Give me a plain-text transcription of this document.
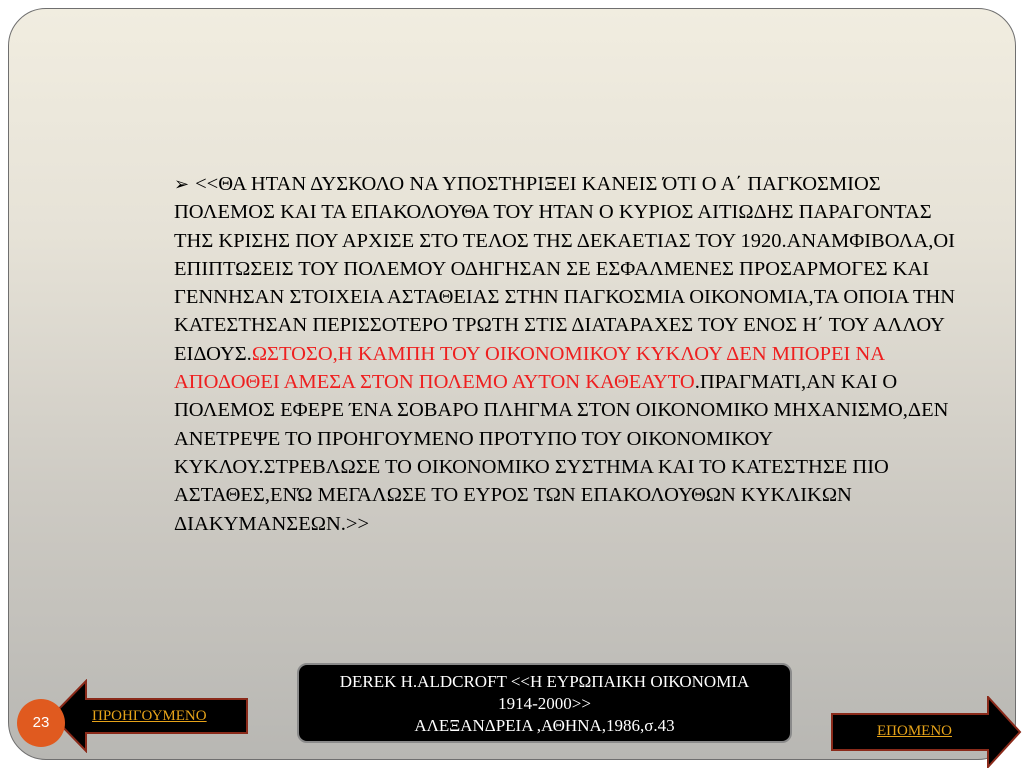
➢ <<ΘΑ ΗΤΑΝ ΔΥΣΚΟΛΟ ΝΑ ΥΠΟΣΤΗΡΙΞΕΙ ΚΑΝΕΙΣ ΌΤΙ Ο Α΄ ΠΑΓΚΟΣΜΙΟΣ ΠΟΛΕΜΟΣ ΚΑΙ ΤΑ ΕΠΑΚΟΛΟΥΘΑ ΤΟΥ ΗΤΑΝ Ο ΚΥΡΙΟΣ ΑΙΤΙΩΔΗΣ ΠΑΡΑΓΟΝΤΑΣ ΤΗΣ ΚΡΙΣΗΣ ΠΟΥ ΑΡΧΙΣΕ ΣΤΟ ΤΕΛΟΣ ΤΗΣ ΔΕΚΑΕΤΙΑΣ ΤΟΥ 1920.ΑΝΑΜΦΙΒΟΛΑ,ΟΙ ΕΠΙΠΤΩΣΕΙΣ ΤΟΥ ΠΟΛΕΜΟΥ ΟΔΗΓΗΣΑΝ ΣΕ ΕΣΦΑΛΜΕΝΕΣ ΠΡΟΣΑΡΜΟΓΕΣ ΚΑΙ ΓΕΝΝΗΣΑΝ ΣΤΟΙΧΕΙΑ ΑΣΤΑΘΕΙΑΣ ΣΤΗΝ ΠΑΓΚΟΣΜΙΑ ΟΙΚΟΝΟΜΙΑ,ΤΑ ΟΠΟΙΑ ΤΗΝ ΚΑΤΕΣΤΗΣΑΝ ΠΕΡΙΣΣΟΤΕΡΟ ΤΡΩΤΗ ΣΤΙΣ ΔΙΑΤΑΡΑΧΕΣ ΤΟΥ ΕΝΟΣ Η΄ ΤΟΥ ΑΛΛΟΥ ΕΙΔΟΥΣ.ΩΣΤΟΣΟ,Η ΚΑΜΠΗ ΤΟΥ ΟΙΚΟΝΟΜΙΚΟΥ ΚΥΚΛΟΥ ΔΕΝ ΜΠΟΡΕΙ ΝΑ ΑΠΟΔΟΘΕΙ ΑΜΕΣΑ ΣΤΟΝ ΠΟΛΕΜΟ ΑΥΤΟΝ ΚΑΘΕΑΥΤΟ.ΠΡΑΓΜΑΤΙ,ΑΝ ΚΑΙ Ο ΠΟΛΕΜΟΣ ΕΦΕΡΕ ΈΝΑ ΣΟΒΑΡΟ ΠΛΗΓΜΑ ΣΤΟΝ ΟΙΚΟΝΟΜΙΚΟ ΜΗΧΑΝΙΣΜΟ,ΔΕΝ ΑΝΕΤΡΕΨΕ ΤΟ ΠΡΟΗΓΟΥΜΕΝΟ ΠΡΟΤΥΠΟ ΤΟΥ ΟΙΚΟΝΟΜΙΚΟΥ ΚΥΚΛΟΥ.ΣΤΡΕΒΛΩΣΕ ΤΟ ΟΙΚΟΝΟΜΙΚΟ ΣΥΣΤΗΜΑ ΚΑΙ ΤΟ ΚΑΤΕΣΤΗΣΕ ΠΙΟ ΑΣΤΑΘΕΣ,ΕΝΏ ΜΕΓΑΛΩΣΕ ΤΟ ΕΥΡΟΣ ΤΩΝ ΕΠΑΚΟΛΟΥΘΩΝ ΚΥΚΛΙΚΩΝ ΔΙΑΚΥΜΑΝΣΕΩΝ.>>
DEREK H.ALDCROFT <<Η ΕΥΡΩΠΑΙΚΗ ΟΙΚΟΝΟΜΙΑ
1914-2000>>
ΑΛΕΞΑΝΔΡΕΙΑ ,ΑΘΗΝΑ,1986,σ.43
ΠΡΟΗΓΟΥΜΕΝΟ
ΕΠΟΜΕΝΟ
23
